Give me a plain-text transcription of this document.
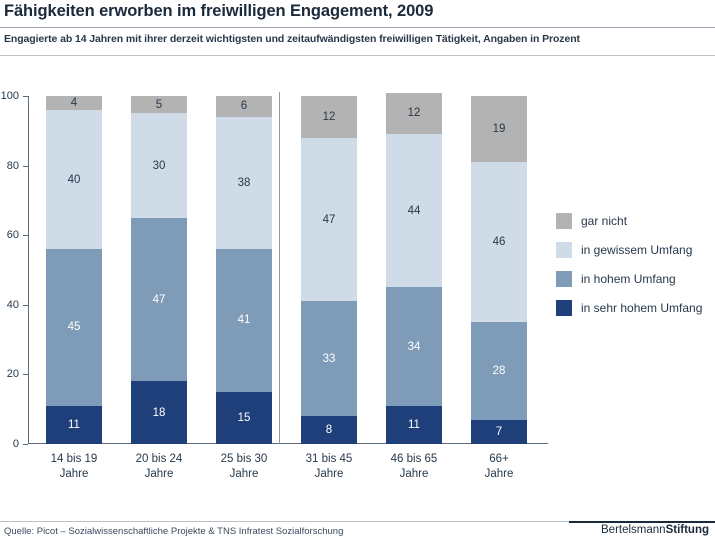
Fähigkeiten erworben im freiwilligen Engagement, 2009
Engagierte ab 14 Jahren mit ihrer derzeit wichtigsten und zeitaufwändigsten freiwilligen Tätigkeit, Angaben in Prozent
0
20
40
60
80
100
11
45
40
4
18
47
30
5
15
41
38
6
8
33
47
12
11
34
44
12
7
28
46
19
14 bis 19
Jahre
20 bis 24
Jahre
25 bis 30
Jahre
31 bis 45
Jahre
46 bis 65
Jahre
66+
Jahre
gar nicht
in gewissem Umfang
in hohem Umfang
in sehr hohem Umfang
Quelle: Picot – Sozialwissenschaftliche Projekte & TNS Infratest Sozialforschung	BertelsmannStiftung
